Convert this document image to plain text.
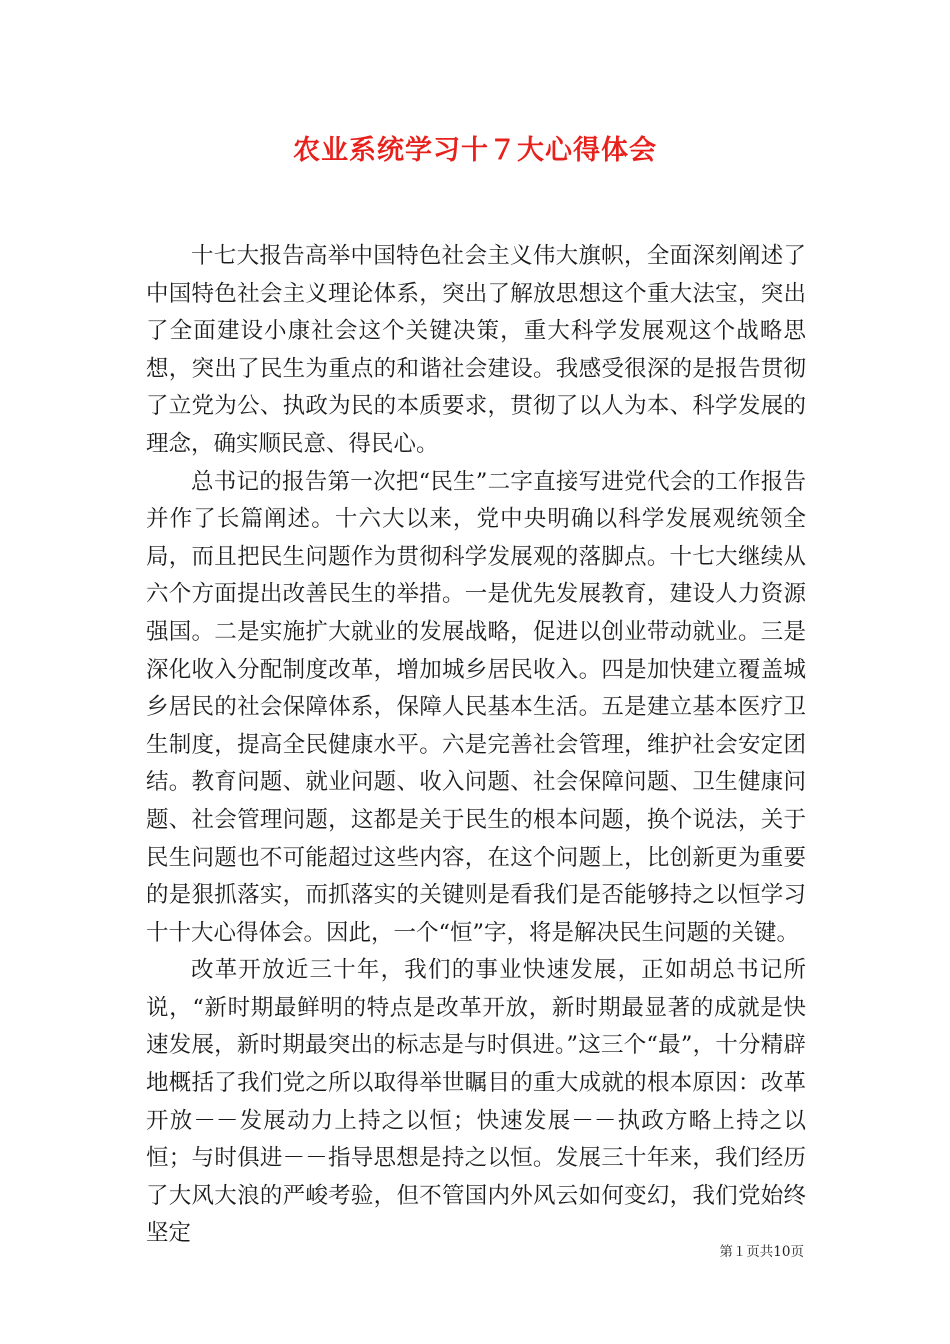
农业系统学习十７大心得体会

十七大报告高举中国特色社会主义伟大旗帜，全面深刻阐述了中国特色社会主义理论体系，突出了解放思想这个重大法宝，突出了全面建设小康社会这个关键决策，重大科学发展观这个战略思想，突出了民生为重点的和谐社会建设。我感受很深的是报告贯彻了立党为公、执政为民的本质要求，贯彻了以人为本、科学发展的理念，确实顺民意、得民心。

总书记的报告第一次把“民生”二字直接写进党代会的工作报告并作了长篇阐述。十六大以来，党中央明确以科学发展观统领全局，而且把民生问题作为贯彻科学发展观的落脚点。十七大继续从六个方面提出改善民生的举措。一是优先发展教育，建设人力资源强国。二是实施扩大就业的发展战略，促进以创业带动就业。三是深化收入分配制度改革，增加城乡居民收入。四是加快建立覆盖城乡居民的社会保障体系，保障人民基本生活。五是建立基本医疗卫生制度，提高全民健康水平。六是完善社会管理，维护社会安定团结。教育问题、就业问题、收入问题、社会保障问题、卫生健康问题、社会管理问题，这都是关于民生的根本问题，换个说法，关于民生问题也不可能超过这些内容，在这个问题上，比创新更为重要的是狠抓落实，而抓落实的关键则是看我们是否能够持之以恒学习十十大心得体会。因此，一个“恒”字，将是解决民生问题的关键。

改革开放近三十年，我们的事业快速发展，正如胡总书记所说，“新时期最鲜明的特点是改革开放，新时期最显著的成就是快速发展，新时期最突出的标志是与时俱进。”这三个“最”，十分精辟地概括了我们党之所以取得举世瞩目的重大成就的根本原因：改革开放－－发展动力上持之以恒；快速发展－－执政方略上持之以恒；与时俱进－－指导思想是持之以恒。发展三十年来，我们经历了大风大浪的严峻考验，但不管国内外风云如何变幻，我们党始终坚定

第１页共10页
